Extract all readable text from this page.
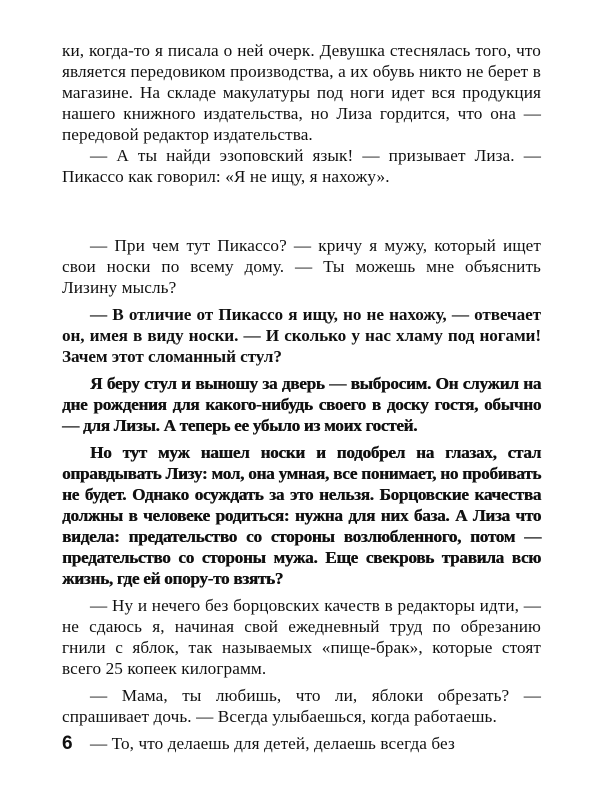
ки, когда-то я писала о ней очерк. Девушка стеснялась того, что является передовиком производства, а их обувь никто не берет в магазине. На складе макулатуры под ноги идет вся продукция нашего книжного издательства, но Лиза гордится, что она — передовой редактор издательства.

— А ты найди эзоповский язык! — призывает Лиза. — Пикассо как говорил: «Я не ищу, я нахожу».

— При чем тут Пикассо? — кричу я мужу, который ищет свои носки по всему дому. — Ты можешь мне объяснить Лизину мысль?

— В отличие от Пикассо я ищу, но не нахожу, — отвечает он, имея в виду носки. — И сколько у нас хламу под ногами! Зачем этот сломанный стул?

Я беру стул и выношу за дверь — выбросим. Он служил на дне рождения для какого-нибудь своего в доску гостя, обычно — для Лизы. А теперь ее убыло из моих гостей.

Но тут муж нашел носки и подобрел на глазах, стал оправдывать Лизу: мол, она умная, все понимает, но пробивать не будет. Однако осуждать за это нельзя. Борцовские качества должны в человеке родиться: нужна для них база. А Лиза что видела: предательство со стороны возлюбленного, потом — предательство со стороны мужа. Еще свекровь травила всю жизнь, где ей опору-то взять?

— Ну и нечего без борцовских качеств в редакторы идти, — не сдаюсь я, начиная свой ежедневный труд по обрезанию гнили с яблок, так называемых «пище-брак», которые стоят всего 25 копеек килограмм.

— Мама, ты любишь, что ли, яблоки обрезать? — спрашивает дочь. — Всегда улыбаешься, когда работаешь.

— То, что делаешь для детей, делаешь всегда без

6
